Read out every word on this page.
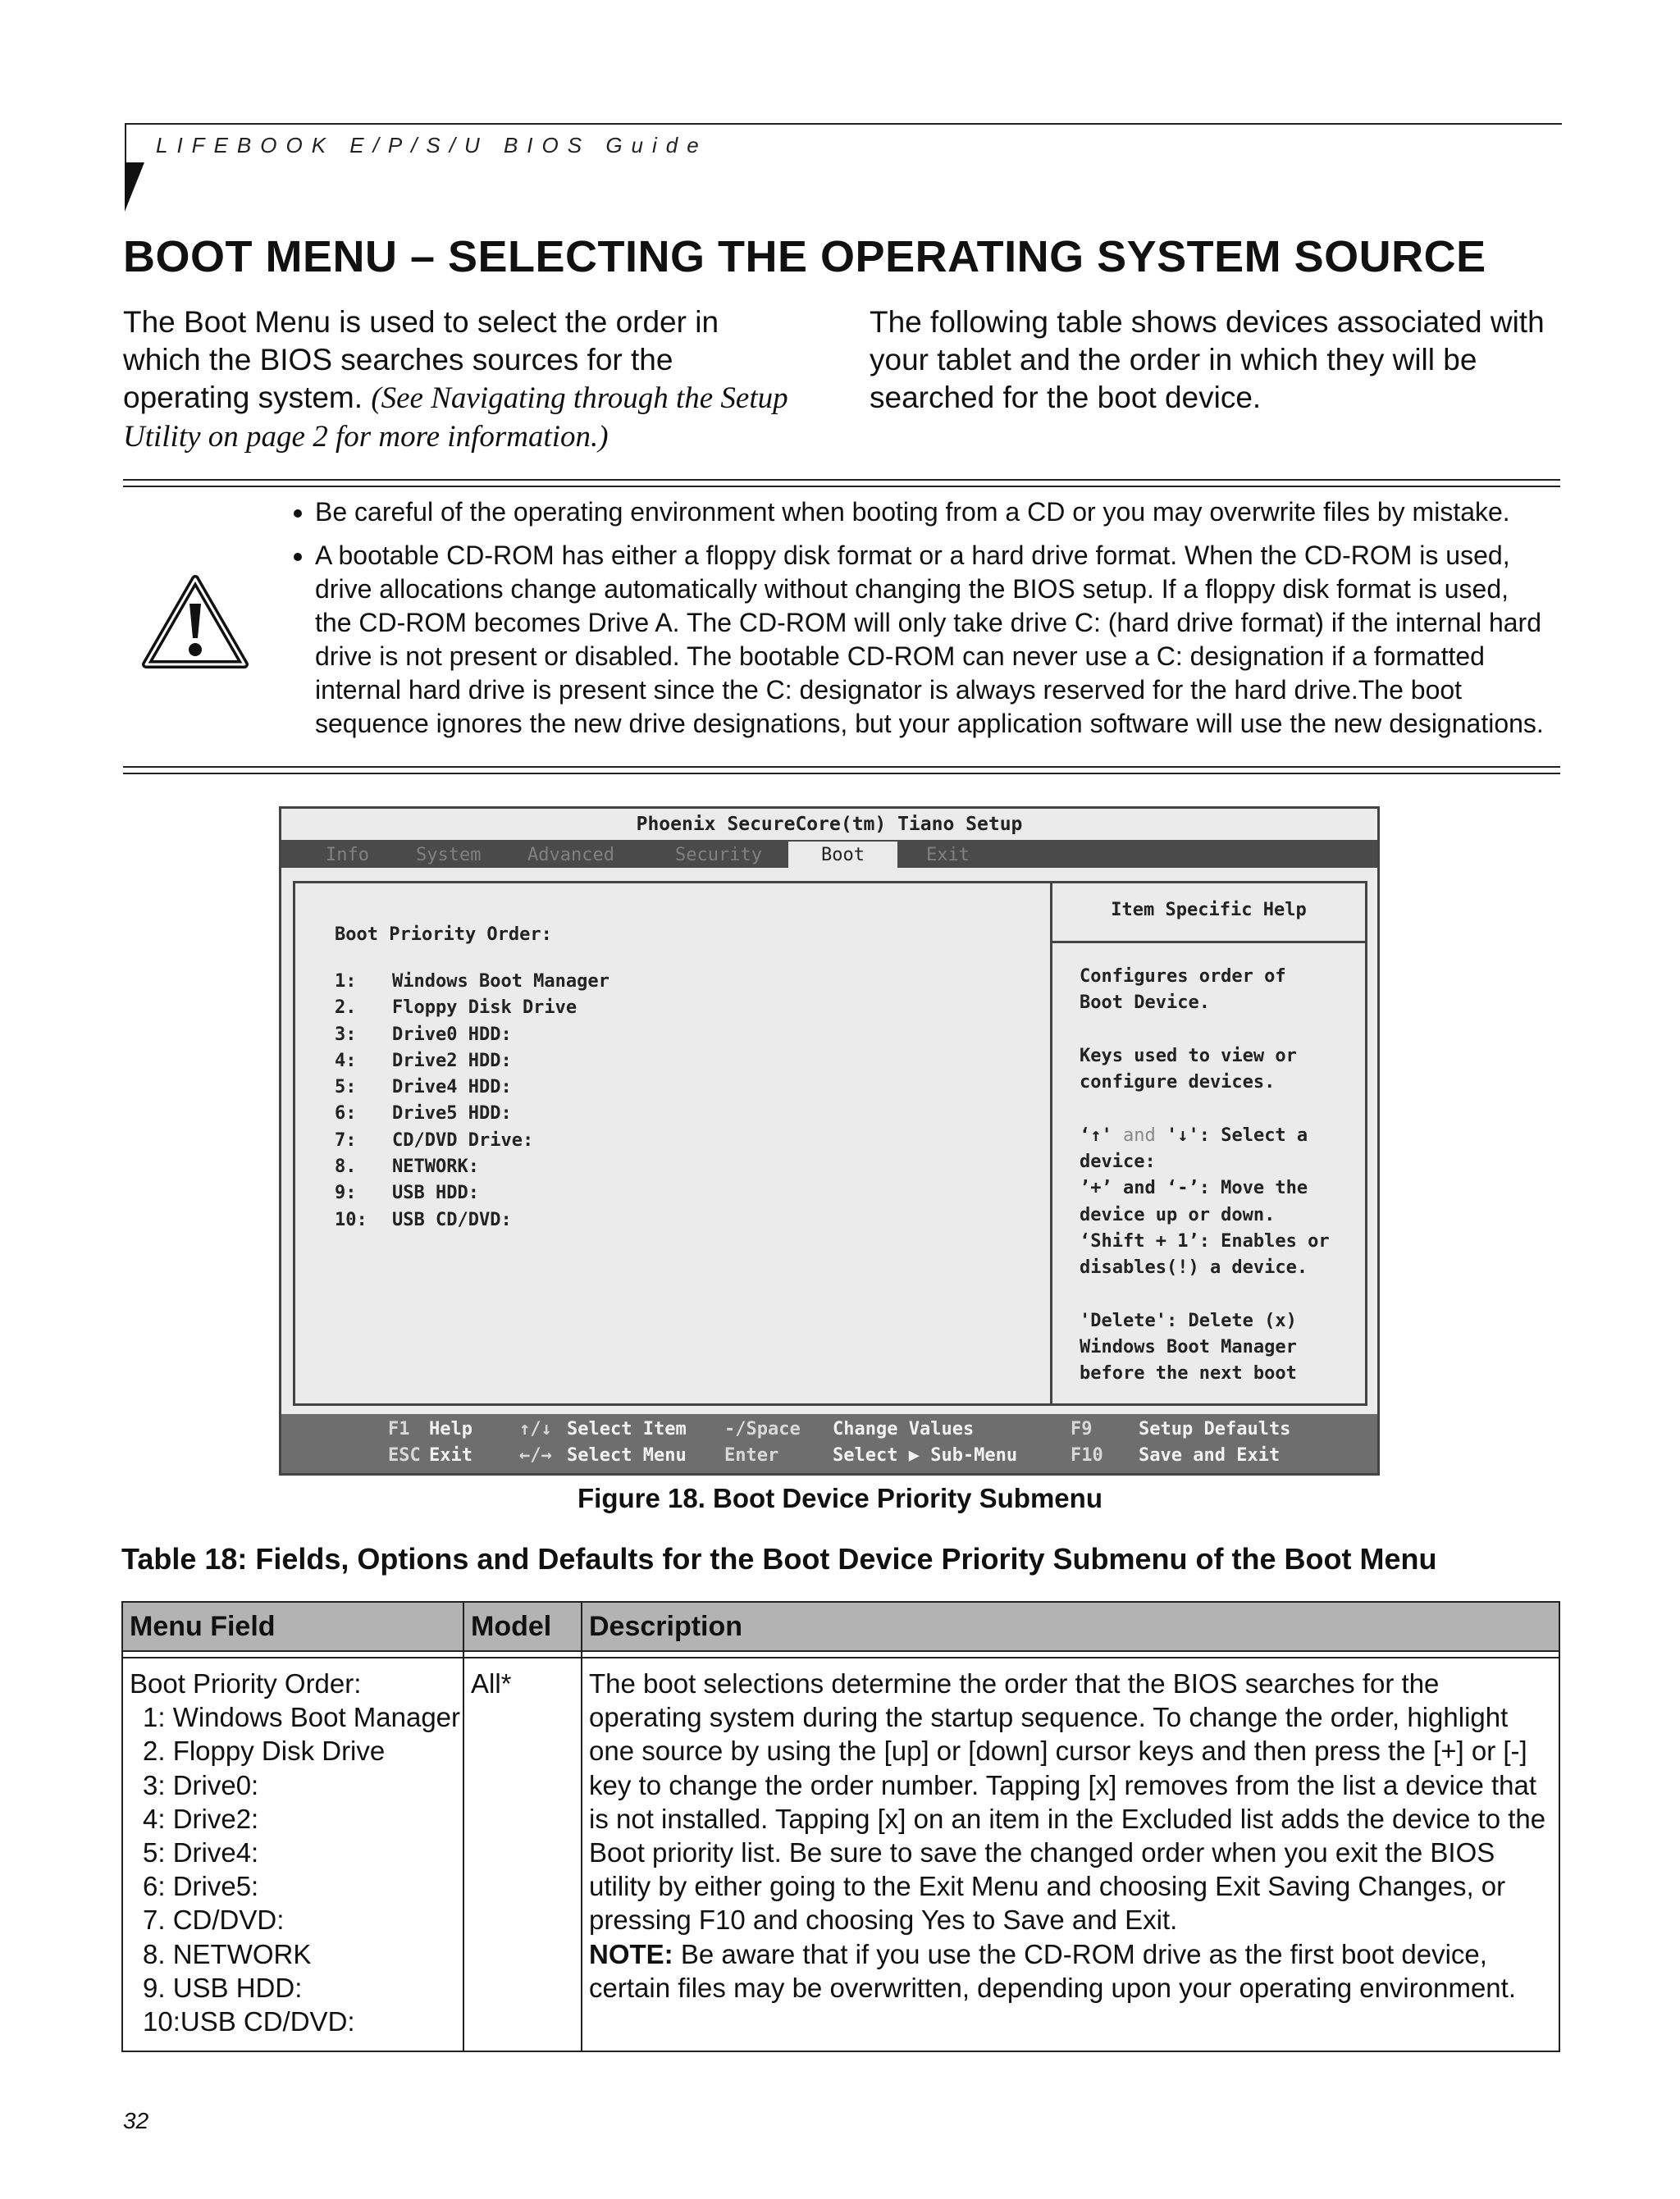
LIFEBOOK E/P/S/U BIOS Guide
BOOT MENU – SELECTING THE OPERATING SYSTEM SOURCE
The Boot Menu is used to select the order in which the BIOS searches sources for the operating system. (See Navigating through the Setup Utility on page 2 for more information.)
The following table shows devices associated with your tablet and the order in which they will be searched for the boot device.
• Be careful of the operating environment when booting from a CD or you may overwrite files by mistake.
• A bootable CD-ROM has either a floppy disk format or a hard drive format. When the CD-ROM is used, drive allocations change automatically without changing the BIOS setup. If a floppy disk format is used, the CD-ROM becomes Drive A. The CD-ROM will only take drive C: (hard drive format) if the internal hard drive is not present or disabled. The bootable CD-ROM can never use a C: designation if a formatted internal hard drive is present since the C: designator is always reserved for the hard drive.The boot sequence ignores the new drive designations, but your application software will use the new designations.
Phoenix SecureCore(tm) Tiano Setup
Info	System	Advanced	Security	Boot	Exit
Item Specific Help
Boot Priority Order:
1: Windows Boot Manager
2. Floppy Disk Drive
3: Drive0 HDD:
4: Drive2 HDD:
5: Drive4 HDD:
6: Drive5 HDD:
7: CD/DVD Drive:
8. NETWORK:
9: USB HDD:
10: USB CD/DVD:
Configures order of
Boot Device.

Keys used to view or
configure devices.

‘↑' and '↓': Select a
device:
’+’ and ‘-’: Move the
device up or down.
‘Shift + 1’: Enables or
disables(!) a device.

'Delete': Delete (x)
Windows Boot Manager
before the next boot
F1 Help	↑/↓ Select Item -/Space Change Values	F9	Setup Defaults
ESC Exit	←/→ Select Menu Enter	Select ▶ Sub-Menu	F10 Save and Exit
Figure 18. Boot Device Priority Submenu
Table 18: Fields, Options and Defaults for the Boot Device Priority Submenu of the Boot Menu
Menu Field	Model Description
Boot Priority Order:
1: Windows Boot Manager
2. Floppy Disk Drive
3: Drive0:
4: Drive2:
5: Drive4:
6: Drive5:
7. CD/DVD:
8. NETWORK
9. USB HDD:
10:USB CD/DVD:
All*	The boot selections determine the order that the BIOS searches for the operating system during the startup sequence. To change the order, highlight one source by using the [up] or [down] cursor keys and then press the [+] or [-] key to change the order number. Tapping [x] removes from the list a device that is not installed. Tapping [x] on an item in the Excluded list adds the device to the Boot priority list. Be sure to save the changed order when you exit the BIOS utility by either going to the Exit Menu and choosing Exit Saving Changes, or pressing F10 and choosing Yes to Save and Exit.
NOTE: Be aware that if you use the CD-ROM drive as the first boot device, certain files may be overwritten, depending upon your operating environment.
32
